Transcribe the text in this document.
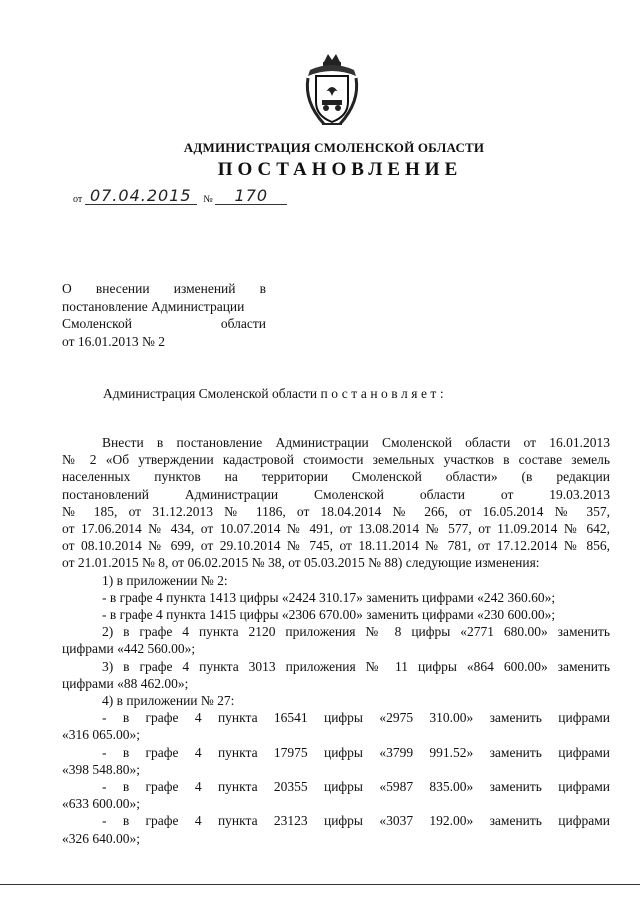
АДМИНИСТРАЦИЯ СМОЛЕНСКОЙ ОБЛАСТИ
ПОСТАНОВЛЕНИЕ
от 07.04.2015 № 170
О внесении изменений в
постановление Администрации
Смоленской области
от 16.01.2013 № 2
Администрация Смоленской области постановляет:

Внести в постановление Администрации Смоленской области от 16.01.2013

№ 2 «Об утверждении кадастровой стоимости земельных участков в составе земель

населенных пунктов на территории Смоленской области» (в редакции

постановлений Администрации Смоленской области от 19.03.2013

№ 185, от 31.12.2013 № 1186, от 18.04.2014 № 266, от 16.05.2014 № 357,

от 17.06.2014 № 434, от 10.07.2014 № 491, от 13.08.2014 № 577, от 11.09.2014 № 642,

от 08.10.2014 № 699, от 29.10.2014 № 745, от 18.11.2014 № 781, от 17.12.2014 № 856,

от 21.01.2015 № 8, от 06.02.2015 № 38, от 05.03.2015 № 88) следующие изменения:

1) в приложении № 2:

- в графе 4 пункта 1413 цифры «2424 310.17» заменить цифрами «242 360.60»;

- в графе 4 пункта 1415 цифры «2306 670.00» заменить цифрами «230 600.00»;

2) в графе 4 пункта 2120 приложения № 8 цифры «2771 680.00» заменить

цифрами «442 560.00»;

3) в графе 4 пункта 3013 приложения № 11 цифры «864 600.00» заменить

цифрами «88 462.00»;

4) в приложении № 27:

- в графе 4 пункта 16541 цифры «2975 310.00» заменить цифрами

«316 065.00»;

- в графе 4 пункта 17975 цифры «3799 991.52» заменить цифрами

«398 548.80»;

- в графе 4 пункта 20355 цифры «5987 835.00» заменить цифрами

«633 600.00»;

- в графе 4 пункта 23123 цифры «3037 192.00» заменить цифрами

«326 640.00»;
